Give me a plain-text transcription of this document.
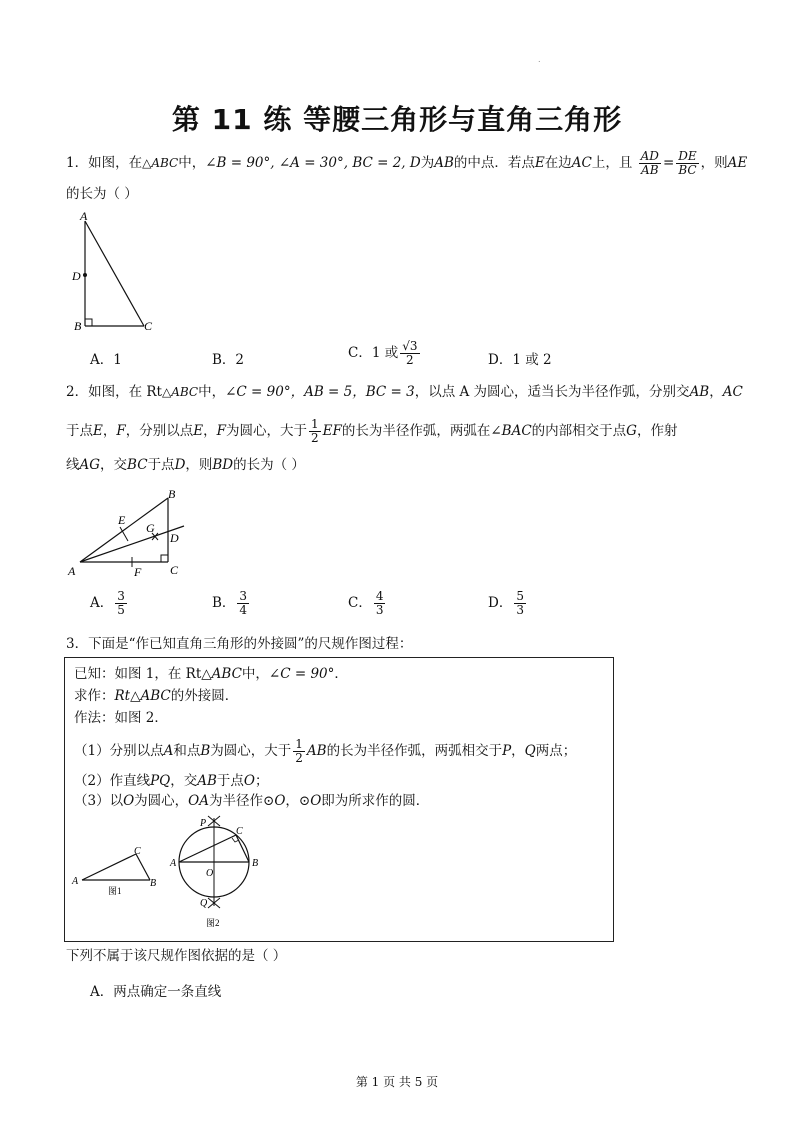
.
第 11 练 等腰三角形与直角三角形
1．如图，在△ABC中，∠B = 90°, ∠A = 30°, BC = 2, D为AB的中点．若点E在边AC上，且 $\frac{AD}{AB} = \frac{DE}{BC}$ ，则AE
的长为（ ）
A
D
B	C
A．1	B．2	C．1 或 $\frac{√3}{2}$	D．1 或 2
2．如图，在 Rt△ABC中，∠C = 90°，AB = 5，BC = 3，以点 A 为圆心，适当长为半径作弧，分别交AB，AC
于点E，F，分别以点E，F为圆心，大于 $\frac{1}{2}$ EF的长为半径作弧，两弧在∠BAC的内部相交于点G，作射
线AG，交BC于点D，则BD的长为（ ）
A
B
C
D
E
F
G
A． $\frac{3}{5}$	B． $\frac{3}{4}$	C． $\frac{4}{3}$	D． $\frac{5}{3}$
3．下面是“作已知直角三角形的外接圆”的尺规作图过程：
已知：如图 1，在 Rt△ABC中，∠C = 90°．
求作：Rt△ABC的外接圆．
作法：如图 2．
（1）分别以点A和点B为圆心，大于 $\frac{1}{2}$ AB的长为半径作弧，两弧相交于P，Q两点；
（2）作直线PQ，交AB于点O；
（3）以O为圆心，OA为半径作⊙O，⊙O即为所求作的圆．
A	B
C
图1
A	B
C
O
P
Q
图2
下列不属于该尺规作图依据的是（ ）
A．两点确定一条直线
第 1 页 共 5 页
